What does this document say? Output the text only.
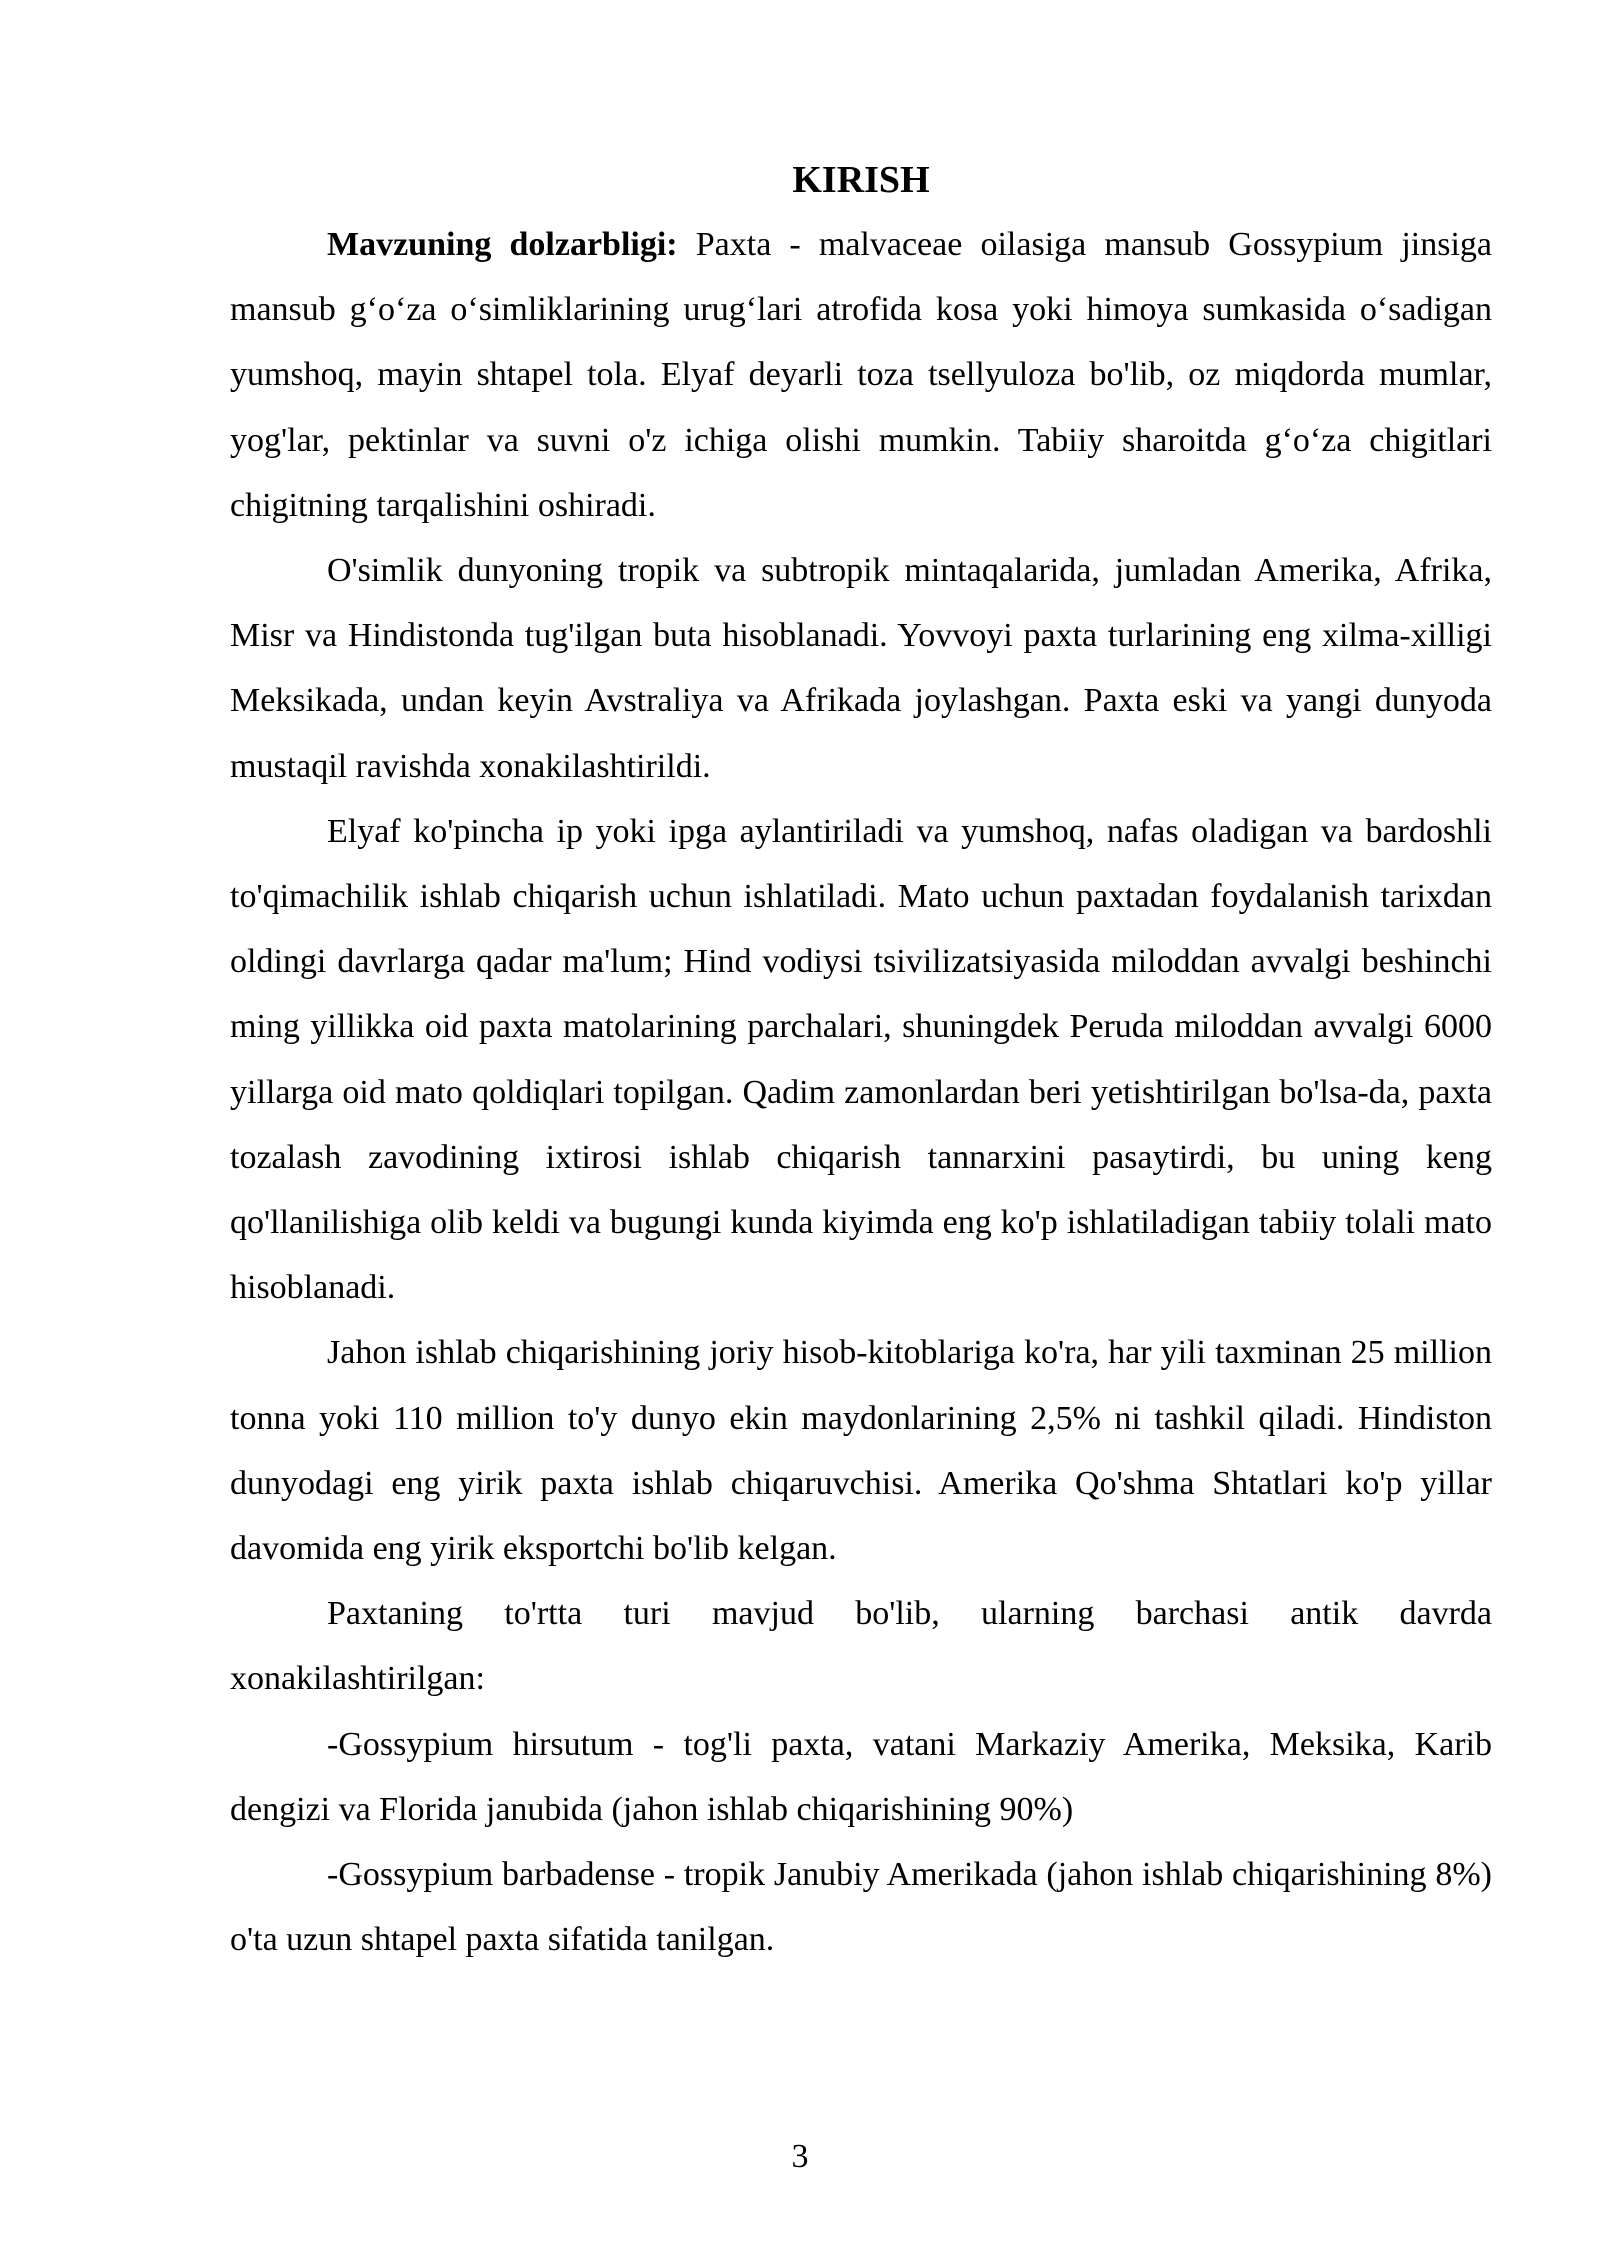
KIRISH

Mavzuning dolzarbligi: Paxta - malvaceae oilasiga mansub Gossypium jinsiga mansub g‘o‘za o‘simliklarining urug‘lari atrofida kosa yoki himoya sumkasida o‘sadigan yumshoq, mayin shtapel tola. Elyaf deyarli toza tsellyuloza bo'lib, oz miqdorda mumlar, yog'lar, pektinlar va suvni o'z ichiga olishi mumkin. Tabiiy sharoitda g‘o‘za chigitlari chigitning tarqalishini oshiradi.

O'simlik dunyoning tropik va subtropik mintaqalarida, jumladan Amerika, Afrika, Misr va Hindistonda tug'ilgan buta hisoblanadi. Yovvoyi paxta turlarining eng xilma-xilligi Meksikada, undan keyin Avstraliya va Afrikada joylashgan. Paxta eski va yangi dunyoda mustaqil ravishda xonakilashtirildi.

Elyaf ko'pincha ip yoki ipga aylantiriladi va yumshoq, nafas oladigan va bardoshli to'qimachilik ishlab chiqarish uchun ishlatiladi. Mato uchun paxtadan foydalanish tarixdan oldingi davrlarga qadar ma'lum; Hind vodiysi tsivilizatsiyasida miloddan avvalgi beshinchi ming yillikka oid paxta matolarining parchalari, shuningdek Peruda miloddan avvalgi 6000 yillarga oid mato qoldiqlari topilgan. Qadim zamonlardan beri yetishtirilgan bo'lsa-da, paxta tozalash zavodining ixtirosi ishlab chiqarish tannarxini pasaytirdi, bu uning keng qo'llanilishiga olib keldi va bugungi kunda kiyimda eng ko'p ishlatiladigan tabiiy tolali mato hisoblanadi.

Jahon ishlab chiqarishining joriy hisob-kitoblariga ko'ra, har yili taxminan 25 million tonna yoki 110 million to'y dunyo ekin maydonlarining 2,5% ni tashkil qiladi. Hindiston dunyodagi eng yirik paxta ishlab chiqaruvchisi. Amerika Qo'shma Shtatlari ko'p yillar davomida eng yirik eksportchi bo'lib kelgan.

Paxtaning to'rtta turi mavjud bo'lib, ularning barchasi antik davrda xonakilashtirilgan:

-Gossypium hirsutum - tog'li paxta, vatani Markaziy Amerika, Meksika, Karib dengizi va Florida janubida (jahon ishlab chiqarishining 90%)

-Gossypium barbadense - tropik Janubiy Amerikada (jahon ishlab chiqarishining 8%) o'ta uzun shtapel paxta sifatida tanilgan.

3
